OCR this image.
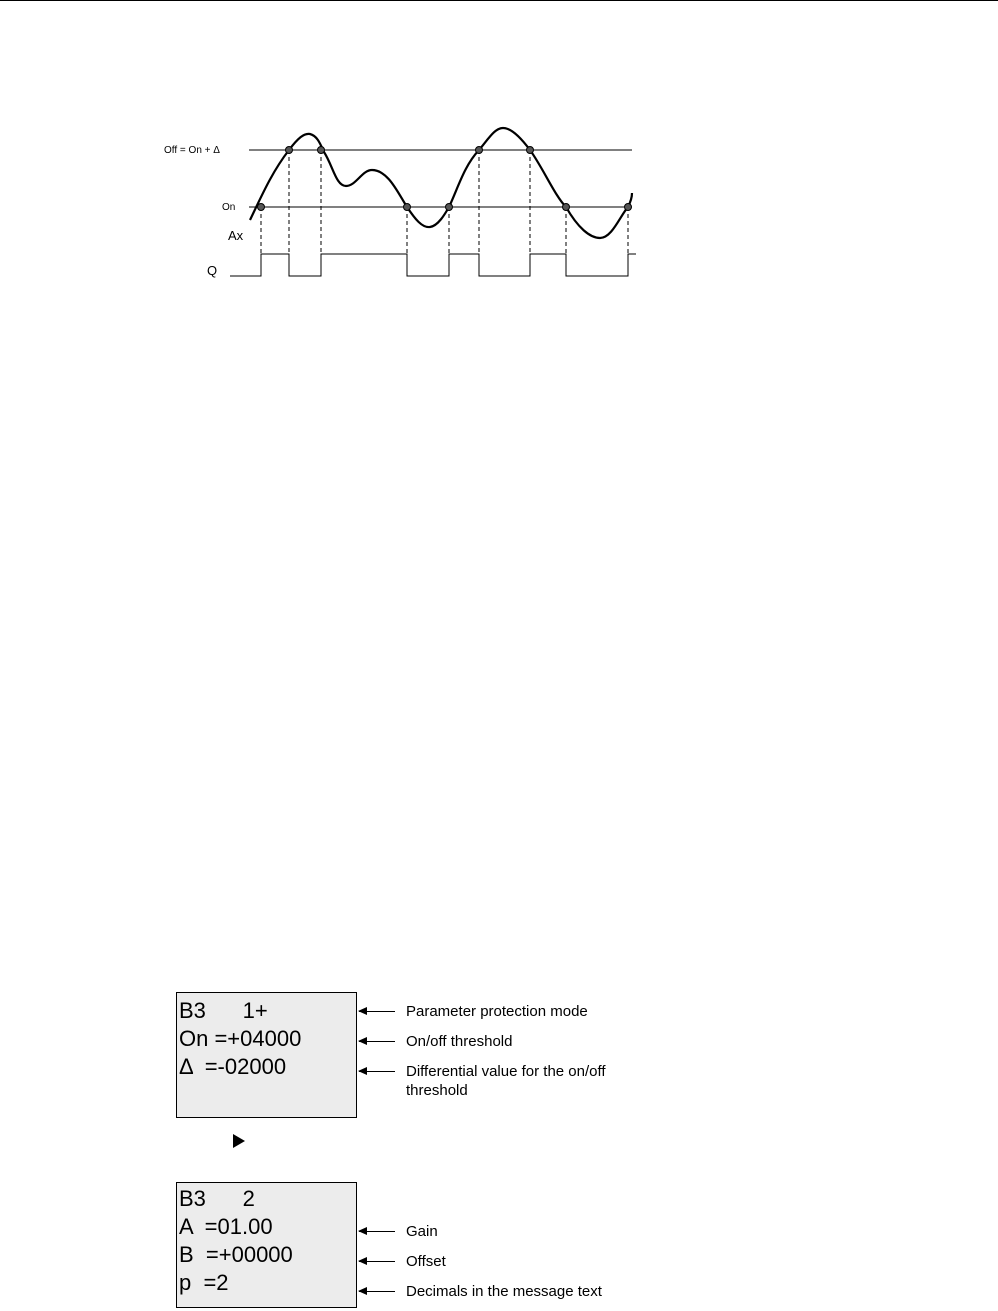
Off = On + Δ
On
Ax
Q
B3      1+
On =+04000
Δ  =-02000
Parameter protection mode
On/off threshold
Differential value for the on/off
threshold
B3      2
A  =01.00
B  =+00000
p  =2
Gain
Offset
Decimals in the message text
